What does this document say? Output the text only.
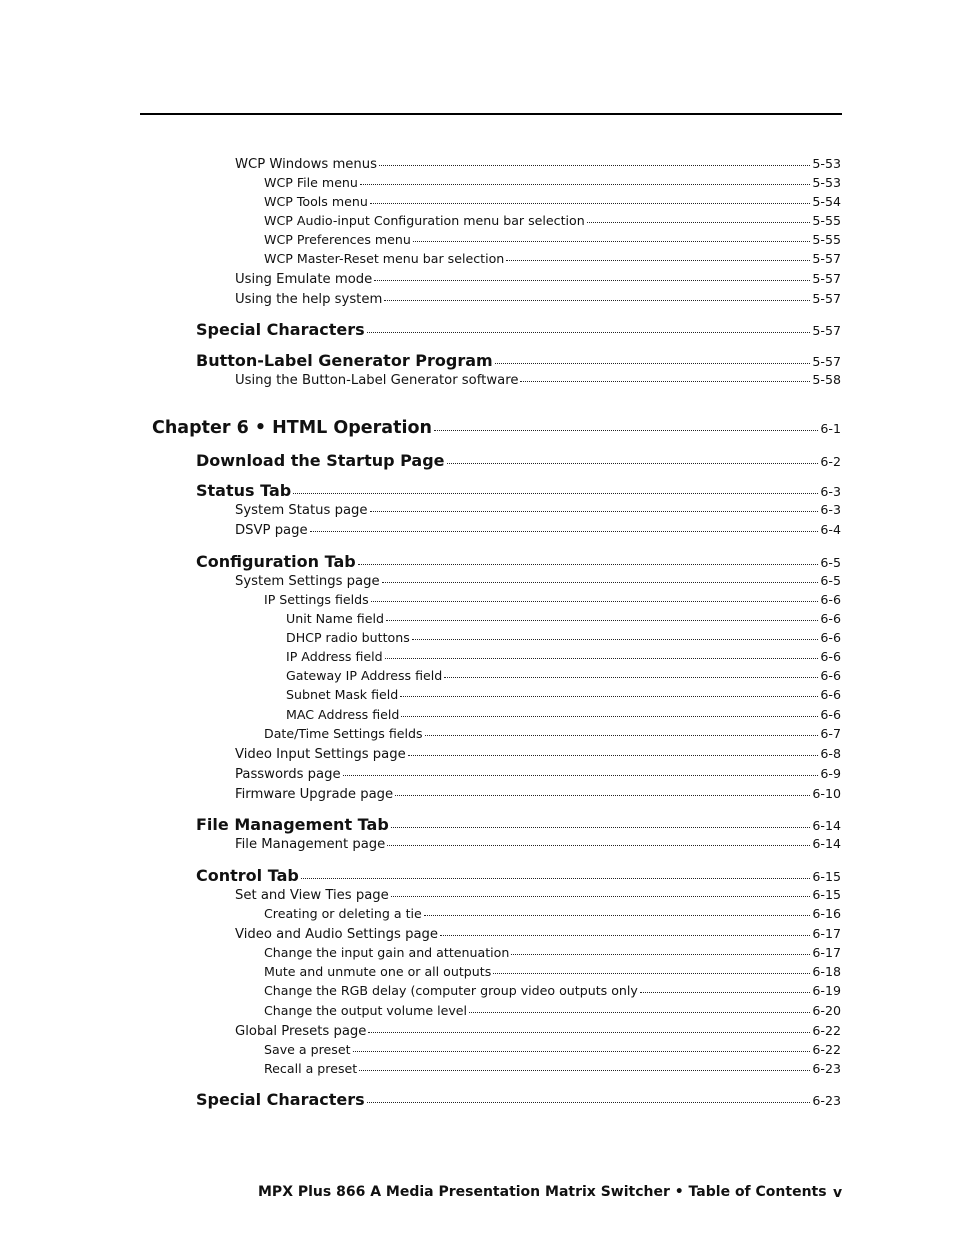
WCP Windows menus	5-53
WCP File menu	5-53
WCP Tools menu	5-54
WCP Audio-input Configuration menu bar selection	5-55
WCP Preferences menu	5-55
WCP Master-Reset menu bar selection	5-57
Using Emulate mode	5-57
Using the help system	5-57
Special Characters	5-57
Button-Label Generator Program	5-57
Using the Button-Label Generator software	5-58
Chapter 6 • HTML Operation	6-1
Download the Startup Page	6-2
Status Tab	6-3
System Status page	6-3
DSVP page	6-4
Configuration Tab	6-5
System Settings page	6-5
IP Settings fields	6-6
Unit Name field	6-6
DHCP radio buttons	6-6
IP Address field	6-6
Gateway IP Address field	6-6
Subnet Mask field	6-6
MAC Address field	6-6
Date/Time Settings fields	6-7
Video Input Settings page	6-8
Passwords page	6-9
Firmware Upgrade page	6-10
File Management Tab	6-14
File Management page	6-14
Control Tab	6-15
Set and View Ties page	6-15
Creating or deleting a tie	6-16
Video and Audio Settings page	6-17
Change the input gain and attenuation	6-17
Mute and unmute one or all outputs	6-18
Change the RGB delay (computer group video outputs only	6-19
Change the output volume level	6-20
Global Presets page	6-22
Save a preset	6-22
Recall a preset	6-23
Special Characters	6-23
MPX Plus 866 A Media Presentation Matrix Switcher • Table of Contents v
